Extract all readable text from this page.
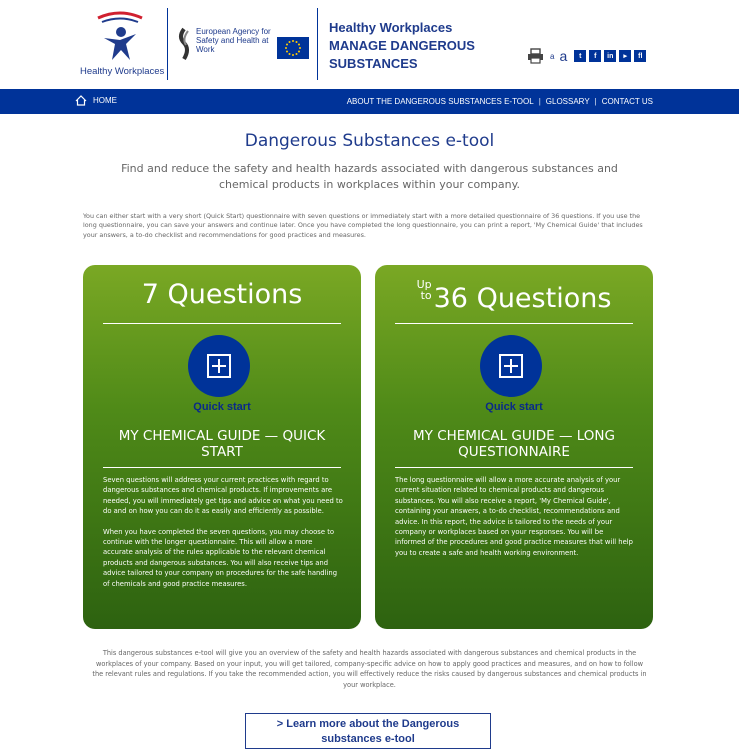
Healthy Workplaces
European Agency for Safety and Health at Work
Healthy Workplaces
MANAGE DANGEROUS
SUBSTANCES	a a	t	f	in	▸	fl
HOME	ABOUT THE DANGEROUS SUBSTANCES E-TOOL | GLOSSARY | CONTACT US
Dangerous Substances e-tool
Find and reduce the safety and health hazards associated with dangerous substances and chemical products in workplaces within your company.
You can either start with a very short (Quick Start) questionnaire with seven questions or immediately start with a more detailed questionnaire of 36 questions. If you use the long questionnaire, you can save your answers and continue later. Once you have completed the long questionnaire, you can print a report, 'My Chemical Guide' that includes your answers, a to-do checklist and recommendations for good practices and measures.
7 Questions
Quick start
MY CHEMICAL GUIDE — QUICK START

Seven questions will address your current practices with regard to dangerous substances and chemical products. If improvements are needed, you will immediately get tips and advice on what you need to do and on how you can do it as easily and efficiently as possible.

When you have completed the seven questions, you may choose to continue with the longer questionnaire. This will allow a more accurate analysis of the rules applicable to the relevant chemical products and dangerous substances. You will also receive tips and advice tailored to your company on procedures for the safe handling of chemicals and good practice measures.

Up
to36 Questions
Quick start
MY CHEMICAL GUIDE — LONG QUESTIONNAIRE

The long questionnaire will allow a more accurate analysis of your current situation related to chemical products and dangerous substances. You will also receive a report, 'My Chemical Guide', containing your answers, a to-do checklist, recommendations and advice. In this report, the advice is tailored to the needs of your company or workplaces based on your responses. You will be informed of the procedures and good practice measures that will help you to create a safe and health working environment.

This dangerous substances e-tool will give you an overview of the safety and health hazards associated with dangerous substances and chemical products in the workplaces of your company. Based on your input, you will get tailored, company-specific advice on how to apply good practices and measures, and on how to follow the relevant rules and regulations. If you take the recommended action, you will effectively reduce the risks caused by dangerous substances and chemical products in your workplace.
> Learn more about the Dangerous substances e-tool
